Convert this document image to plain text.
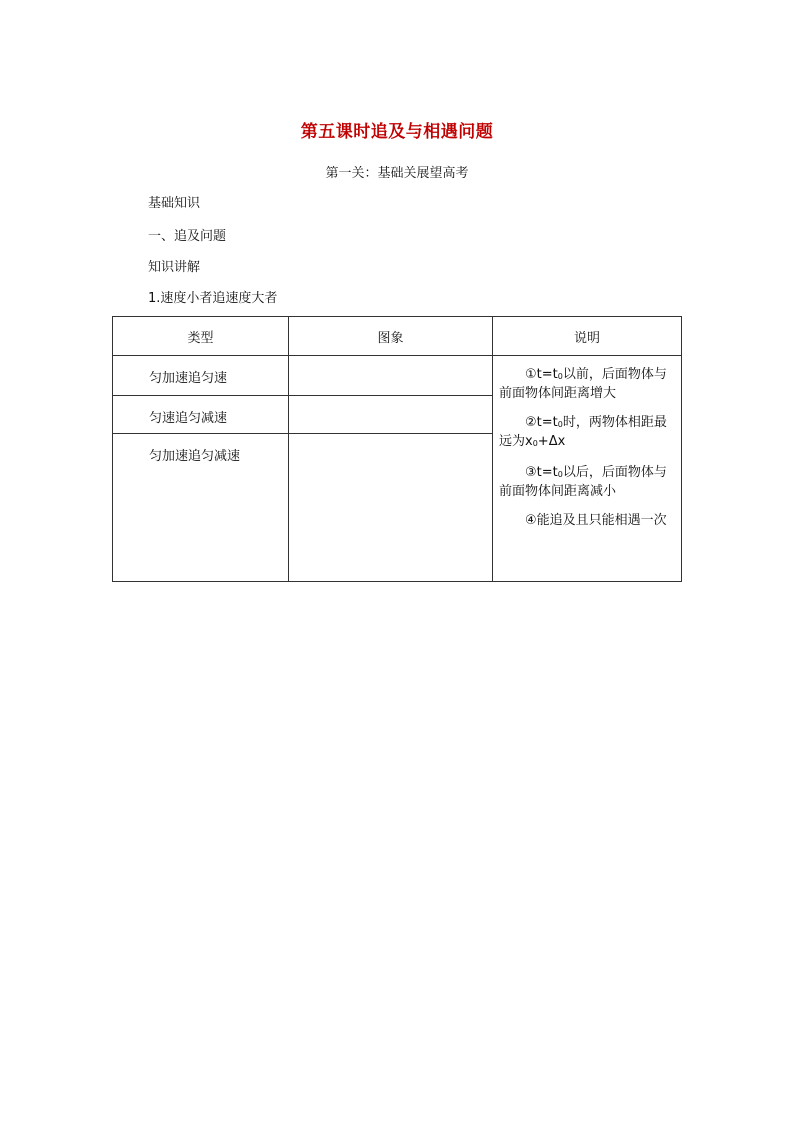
第五课时追及与相遇问题
第一关：基础关展望高考
基础知识
一、追及问题
知识讲解
1.速度小者追速度大者
类型	图象	说明

匀加速追匀速		$①t=t_0$以前，后面物体与前面物体间距离增大
$②t=t_0$时，两物体相距最远为$x_0+\Delta x$
$③t=t_0$以后，后面物体与前面物体间距离减小
④能追及且只能相遇一次

匀速追匀减速		

匀加速追匀减速		
